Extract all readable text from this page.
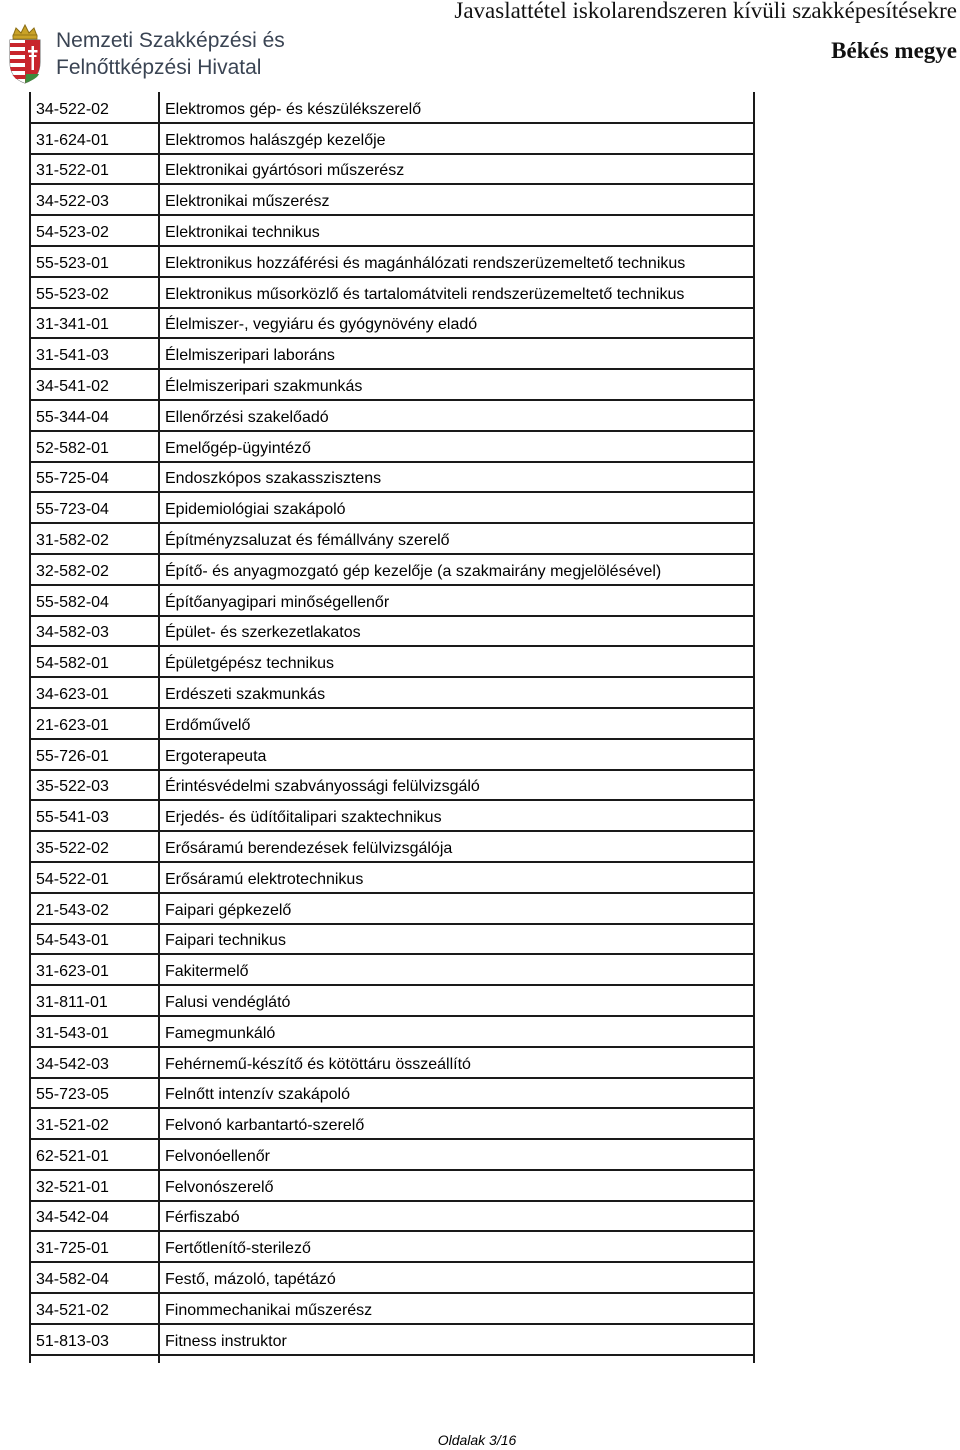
Nemzeti Szakképzési és
Felnőttképzési Hivatal
Javaslattétel iskolarendszeren kívüli szakképesítésekre
Békés megye
34-522-02	Elektromos gép- és készülékszerelő
31-624-01	Elektromos halászgép kezelője
31-522-01	Elektronikai gyártósori műszerész
34-522-03	Elektronikai műszerész
54-523-02	Elektronikai technikus
55-523-01	Elektronikus hozzáférési és magánhálózati rendszerüzemeltető technikus
55-523-02	Elektronikus műsorközlő és tartalomátviteli rendszerüzemeltető technikus
31-341-01	Élelmiszer-, vegyiáru és gyógynövény eladó
31-541-03	Élelmiszeripari laboráns
34-541-02	Élelmiszeripari szakmunkás
55-344-04	Ellenőrzési szakelőadó
52-582-01	Emelőgép-ügyintéző
55-725-04	Endoszkópos szakasszisztens
55-723-04	Epidemiológiai szakápoló
31-582-02	Építményzsaluzat és fémállvány szerelő
32-582-02	Építő- és anyagmozgató gép kezelője (a szakmairány megjelölésével)
55-582-04	Építőanyagipari minőségellenőr
34-582-03	Épület- és szerkezetlakatos
54-582-01	Épületgépész technikus
34-623-01	Erdészeti szakmunkás
21-623-01	Erdőművelő
55-726-01	Ergoterapeuta
35-522-03	Érintésvédelmi szabványossági felülvizsgáló
55-541-03	Erjedés- és üdítőitalipari szaktechnikus
35-522-02	Erősáramú berendezések felülvizsgálója
54-522-01	Erősáramú elektrotechnikus
21-543-02	Faipari gépkezelő
54-543-01	Faipari technikus
31-623-01	Fakitermelő
31-811-01	Falusi vendéglátó
31-543-01	Famegmunkáló
34-542-03	Fehérnemű-készítő és kötöttáru összeállító
55-723-05	Felnőtt intenzív szakápoló
31-521-02	Felvonó karbantartó-szerelő
62-521-01	Felvonóellenőr
32-521-01	Felvonószerelő
34-542-04	Férfiszabó
31-725-01	Fertőtlenítő-sterilező
34-582-04	Festő, mázoló, tapétázó
34-521-02	Finommechanikai műszerész
51-813-03	Fitness instruktor

Oldalak 3/16
